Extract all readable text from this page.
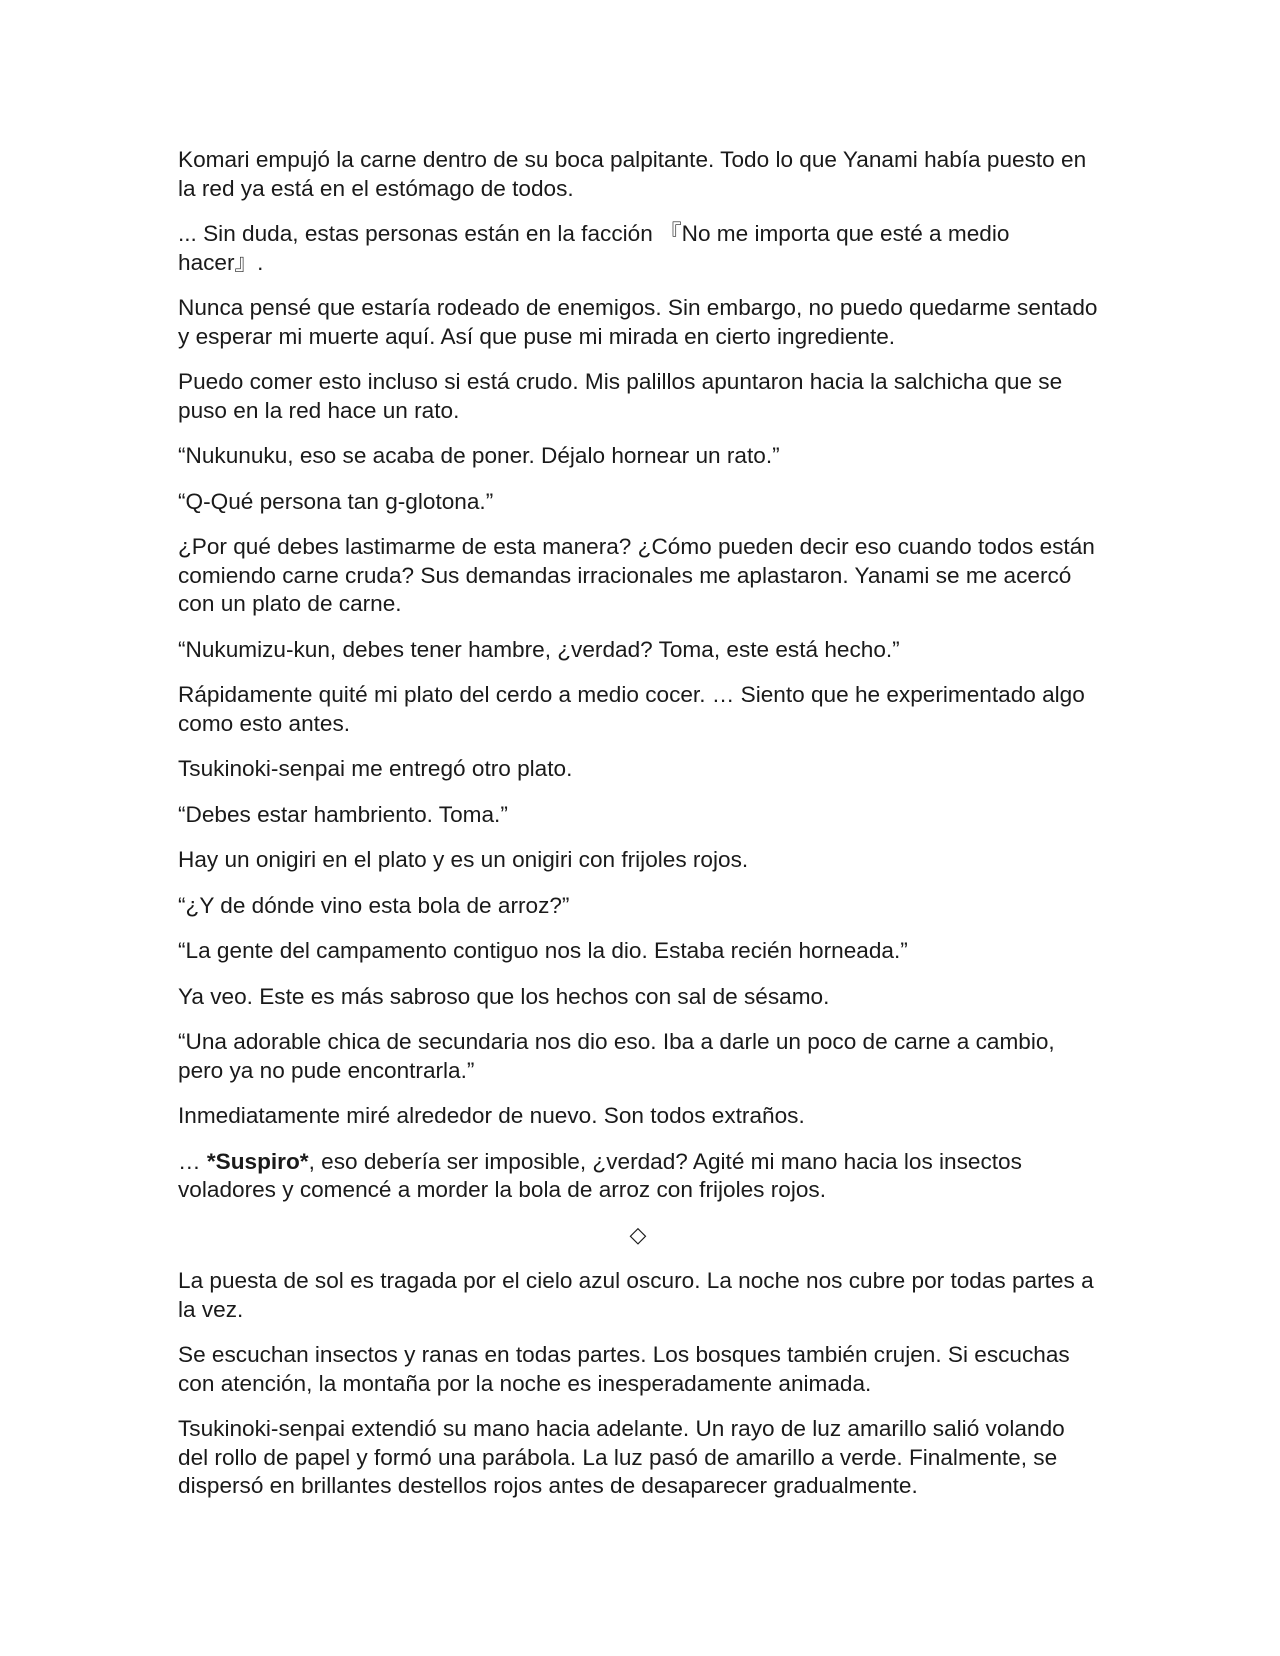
Komari empujó la carne dentro de su boca palpitante. Todo lo que Yanami había puesto en la red ya está en el estómago de todos.

... Sin duda, estas personas están en la facción 『No me importa que esté a medio hacer』.

Nunca pensé que estaría rodeado de enemigos. Sin embargo, no puedo quedarme sentado y esperar mi muerte aquí. Así que puse mi mirada en cierto ingrediente.

Puedo comer esto incluso si está crudo. Mis palillos apuntaron hacia la salchicha que se puso en la red hace un rato.

“Nukunuku, eso se acaba de poner. Déjalo hornear un rato.”

“Q-Qué persona tan g-glotona.”

¿Por qué debes lastimarme de esta manera? ¿Cómo pueden decir eso cuando todos están comiendo carne cruda? Sus demandas irracionales me aplastaron. Yanami se me acercó con un plato de carne.

“Nukumizu-kun, debes tener hambre, ¿verdad? Toma, este está hecho.”

Rápidamente quité mi plato del cerdo a medio cocer. … Siento que he experimentado algo como esto antes.

Tsukinoki-senpai me entregó otro plato.

“Debes estar hambriento. Toma.”

Hay un onigiri en el plato y es un onigiri con frijoles rojos.

“¿Y de dónde vino esta bola de arroz?”

“La gente del campamento contiguo nos la dio. Estaba recién horneada.”

Ya veo. Este es más sabroso que los hechos con sal de sésamo.

“Una adorable chica de secundaria nos dio eso. Iba a darle un poco de carne a cambio, pero ya no pude encontrarla.”

Inmediatamente miré alrededor de nuevo. Son todos extraños.

… *Suspiro*, eso debería ser imposible, ¿verdad? Agité mi mano hacia los insectos voladores y comencé a morder la bola de arroz con frijoles rojos.

◇

La puesta de sol es tragada por el cielo azul oscuro. La noche nos cubre por todas partes a la vez.

Se escuchan insectos y ranas en todas partes. Los bosques también crujen. Si escuchas con atención, la montaña por la noche es inesperadamente animada.

Tsukinoki-senpai extendió su mano hacia adelante. Un rayo de luz amarillo salió volando del rollo de papel y formó una parábola. La luz pasó de amarillo a verde. Finalmente, se dispersó en brillantes destellos rojos antes de desaparecer gradualmente.
